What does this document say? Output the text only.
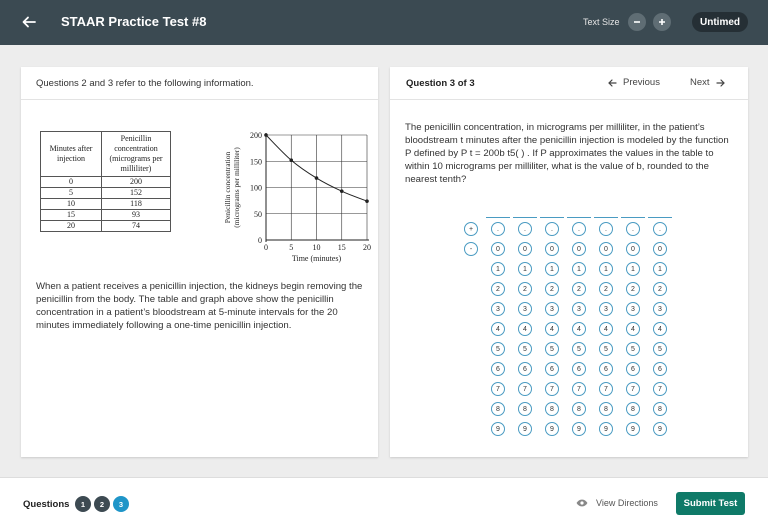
STAAR Practice Test #8	Text Size	Untimed
Questions 2 and 3 refer to the following information.
Minutes after injection	Penicillin concentration (micrograms per milliliter)
0	200
5	152
10	118
15	93
20	74
0	5 10 15 20
0
50
100
150
200
Time (minutes)
Penicillin concentration(micrograms per milliliter)
When a patient receives a penicillin injection, the kidneys begin removing the penicillin from the body. The table and graph above show the penicillin concentration in a patient’s bloodstream at 5-minute intervals for the 20 minutes immediately following a one-time penicillin injection.
Question 3 of 3	Previous	Next
The penicillin concentration, in micrograms per milliliter, in the patient’s bloodstream t minutes after the penicillin injection is modeled by the function P defined by P t = 200b t5( ) . If P approximates the values in the table to within 10 micrograms per milliliter, what is the value of b, rounded to the nearest tenth?
+
-
.	.	.	.	.	.	.
0	0	0	0	0	0	0
1	1	1	1	1	1	1
2	2	2	2	2	2	2
3	3	3	3	3	3	3
4	4	4	4	4	4	4
5	5	5	5	5	5	5
6	6	6	6	6	6	6
7	7	7	7	7	7	7
8	8	8	8	8	8	8
9	9	9	9	9	9	9
Questions	1	2	3	View Directions	Submit Test
